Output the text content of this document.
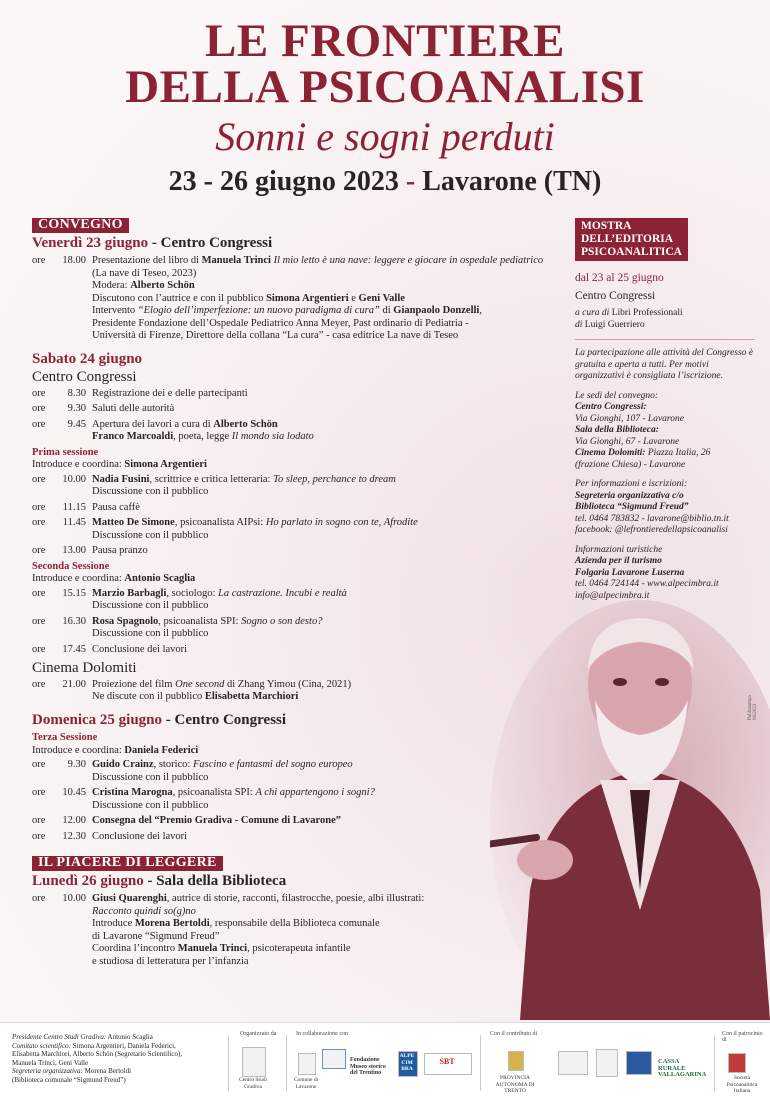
LE FRONTIERE
DELLA PSICOANALISI
Sonni e sogni perduti
23 - 26 giugno 2023 - Lavarone (TN)
Publistampa 06/2023
CONVEGNO
Venerdì 23 giugno - Centro Congressi
ore	18.00 Presentazione del libro di Manuela Trinci Il mio letto è una nave: leggere e giocare in ospedale pediatrico
(La nave di Teseo, 2023)
Modera: Alberto Schön
Discutono con l’autrice e con il pubblico Simona Argentieri e Geni Valle
Intervento “Elogio dell’imperfezione: un nuovo paradigma di cura” di Gianpaolo Donzelli,
Presidente Fondazione dell’Ospedale Pediatrico Anna Meyer, Past ordinario di Pediatria -
Università di Firenze, Direttore della collana “La cura” - casa editrice La nave di Teseo
Sabato 24 giugno
Centro Congressi
ore	8.30 Registrazione dei e delle partecipanti
ore	9.30 Saluti delle autorità
ore	9.45 Apertura dei lavori a cura di Alberto Schön
Franco Marcoaldi, poeta, legge Il mondo sia lodato
Prima sessione
Introduce e coordina: Simona Argentieri
ore	10.00 Nadia Fusini, scrittrice e critica letteraria: To sleep, perchance to dream
Discussione con il pubblico
ore	11.15 Pausa caffè
ore	11.45 Matteo De Simone, psicoanalista AIPsi: Ho parlato in sogno con te, Afrodite
Discussione con il pubblico
ore	13.00 Pausa pranzo
Seconda Sessione
Introduce e coordina: Antonio Scaglia
ore	15.15 Marzio Barbagli, sociologo: La castrazione. Incubi e realtà
Discussione con il pubblico
ore	16.30 Rosa Spagnolo, psicoanalista SPI: Sogno o son desto?
Discussione con il pubblico
ore	17.45 Conclusione dei lavori
Cinema Dolomiti
ore	21.00 Proiezione del film One second di Zhang Yimou (Cina, 2021)
Ne discute con il pubblico Elisabetta Marchiori
Domenica 25 giugno - Centro Congressi
Terza Sessione
Introduce e coordina: Daniela Federici
ore	9.30 Guido Crainz, storico: Fascino e fantasmi del sogno europeo
Discussione con il pubblico
ore	10.45 Cristina Marogna, psicoanalista SPI: A chi appartengono i sogni?
Discussione con il pubblico
ore	12.00 Consegna del “Premio Gradiva - Comune di Lavarone”
ore	12.30 Conclusione dei lavori
IL PIACERE DI LEGGERE
Lunedì 26 giugno - Sala della Biblioteca
ore	10.00 Giusi Quarenghi, autrice di storie, racconti, filastrocche, poesie, albi illustrati:
Racconto quindi so(g)no
Introduce Morena Bertoldi, responsabile della Biblioteca comunale
di Lavarone “Sigmund Freud”
Coordina l’incontro Manuela Trinci, psicoterapeuta infantile
e studiosa di letteratura per l’infanzia
MOSTRA
DELL’EDITORIA
PSICOANALITICA
dal 23 al 25 giugno
Centro Congressi
a cura di Libri Professionali
di Luigi Guerriero
La partecipazione alle attività del Congresso è gratuita e aperta a tutti. Per motivi organizzativi è consigliata l’iscrizione.
Le sedi del convegno:
Centro Congressi:
Via Gionghi, 107 - Lavarone
Sala della Biblioteca:
Via Gionghi, 67 - Lavarone
Cinema Dolomiti: Piazza Italia, 26
(frazione Chiesa) - Lavarone
Per informazioni e iscrizioni:
Segreteria organizzativa c/o
Biblioteca “Sigmund Freud”
tel. 0464 783832 - lavarone@biblio.tn.it
facebook: @lefrontieredellapsicoanalisi
Informazioni turistiche
Azienda per il turismo
Folgaria Lavarone Luserna
tel. 0464 724144 - www.alpecimbra.it
info@alpecimbra.it
Presidente Centro Studi Gradiva: Antonio Scaglia
Comitato scientifico: Simona Argentieri, Daniela Federici,
Elisabetta Marchiori, Alberto Schön (Segretario Scientifico),
Manuela Trinci, Geni Valle
Segreteria organizzativa: Morena Bertoldi
(Biblioteca comunale “Sigmund Freud”)
Organizzato da
Centro Studi Gradiva
In collaborazione con
Comune di Lavarone
Fondazione
Museo storico
del Trentino
ALPE
CIM
BRA
SBT
Con il contributo di
PROVINCIA AUTONOMA DI TRENTO
CASSA RURALE
VALLAGARINA
Con il patrocinio di
Società Psicoanalitica Italiana
